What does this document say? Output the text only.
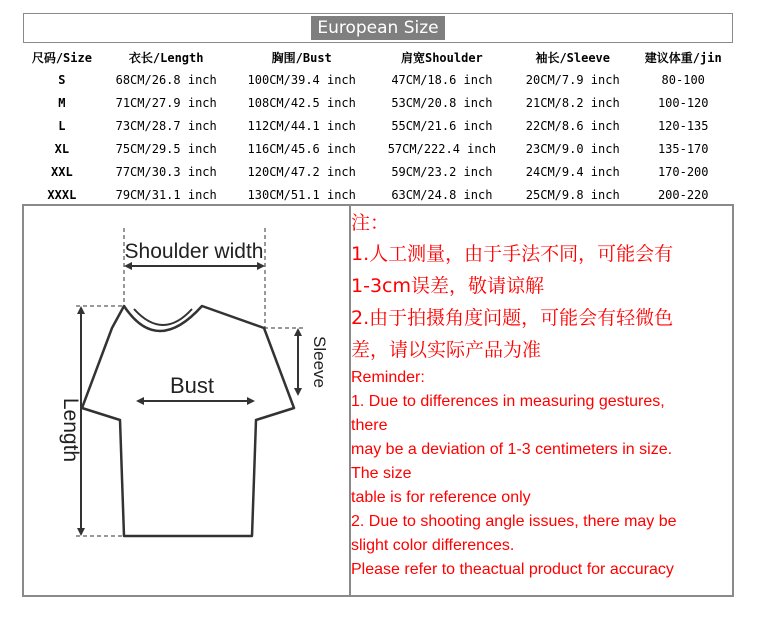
European Size
尺码/Size	衣长/Length	胸围/Bust	肩宽Shoulder	袖长/Sleeve	建议体重/jin
S	68CM/26.8 inch	100CM/39.4 inch	47CM/18.6 inch	20CM/7.9 inch	80-100
M	71CM/27.9 inch	108CM/42.5 inch	53CM/20.8 inch	21CM/8.2 inch	100-120
L	73CM/28.7 inch	112CM/44.1 inch	55CM/21.6 inch	22CM/8.6 inch	120-135
XL	75CM/29.5 inch	116CM/45.6 inch	57CM/222.4 inch	23CM/9.0 inch	135-170
XXL	77CM/30.3 inch	120CM/47.2 inch	59CM/23.2 inch	24CM/9.4 inch	170-200
XXXL	79CM/31.1 inch	130CM/51.1 inch	63CM/24.8 inch	25CM/9.8 inch	200-220
Shoulder width
Bust	Sleeve
Length
注：
1.人工测量，由于手法不同，可能会有
1-3cm误差，敬请谅解
2.由于拍摄角度问题，可能会有轻微色
差，请以实际产品为准
Reminder:
1. Due to differences in measuring gestures,
there
may be a deviation of 1-3 centimeters in size.
The size
table is for reference only
2. Due to shooting angle issues, there may be
slight color differences.
Please refer to theactual product for accuracy
